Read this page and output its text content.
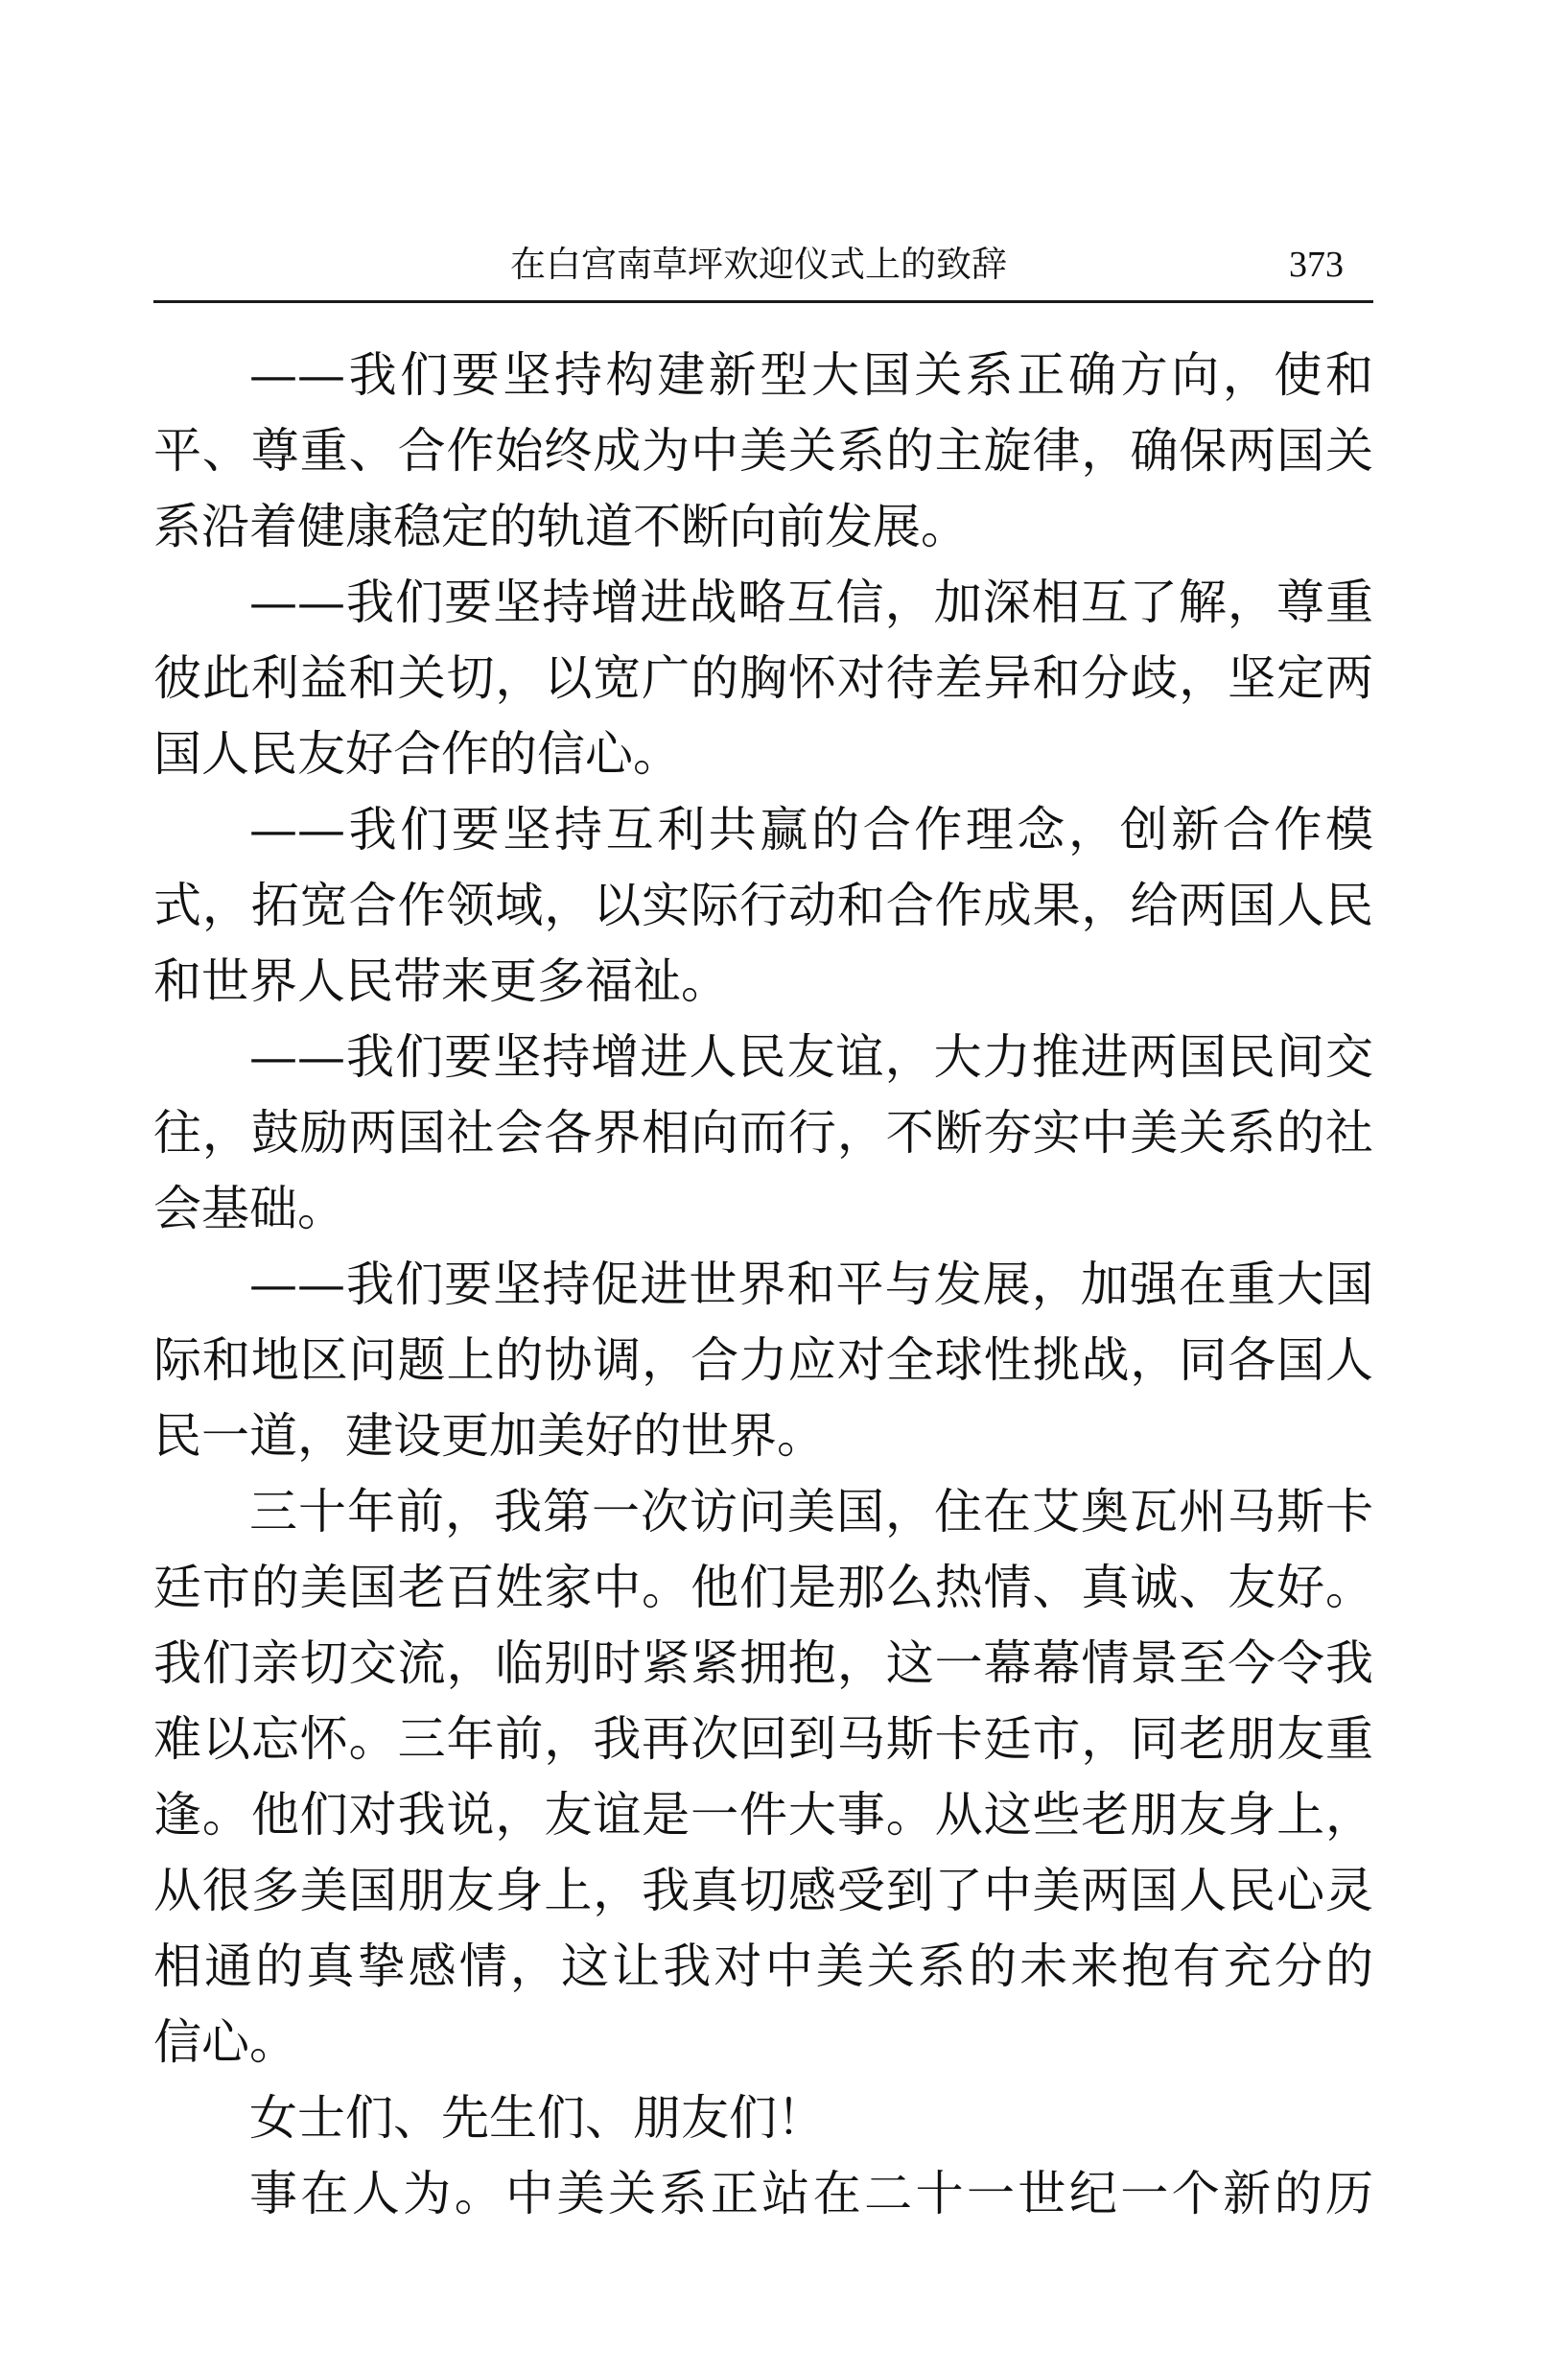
在白宫南草坪欢迎仪式上的致辞	373
——我们要坚持构建新型大国关系正确方向，使和
平、尊重、合作始终成为中美关系的主旋律，确保两国关
系沿着健康稳定的轨道不断向前发展。
——我们要坚持增进战略互信，加深相互了解，尊重
彼此利益和关切，以宽广的胸怀对待差异和分歧，坚定两
国人民友好合作的信心。
——我们要坚持互利共赢的合作理念，创新合作模
式，拓宽合作领域，以实际行动和合作成果，给两国人民
和世界人民带来更多福祉。
——我们要坚持增进人民友谊，大力推进两国民间交
往，鼓励两国社会各界相向而行，不断夯实中美关系的社
会基础。
——我们要坚持促进世界和平与发展，加强在重大国
际和地区问题上的协调，合力应对全球性挑战，同各国人
民一道，建设更加美好的世界。
三十年前，我第一次访问美国，住在艾奥瓦州马斯卡
廷市的美国老百姓家中。他们是那么热情、真诚、友好。
我们亲切交流，临别时紧紧拥抱，这一幕幕情景至今令我
难以忘怀。三年前，我再次回到马斯卡廷市，同老朋友重
逢。他们对我说，友谊是一件大事。从这些老朋友身上，
从很多美国朋友身上，我真切感受到了中美两国人民心灵
相通的真挚感情，这让我对中美关系的未来抱有充分的
信心。
女士们、先生们、朋友们！
事在人为。中美关系正站在二十一世纪一个新的历
